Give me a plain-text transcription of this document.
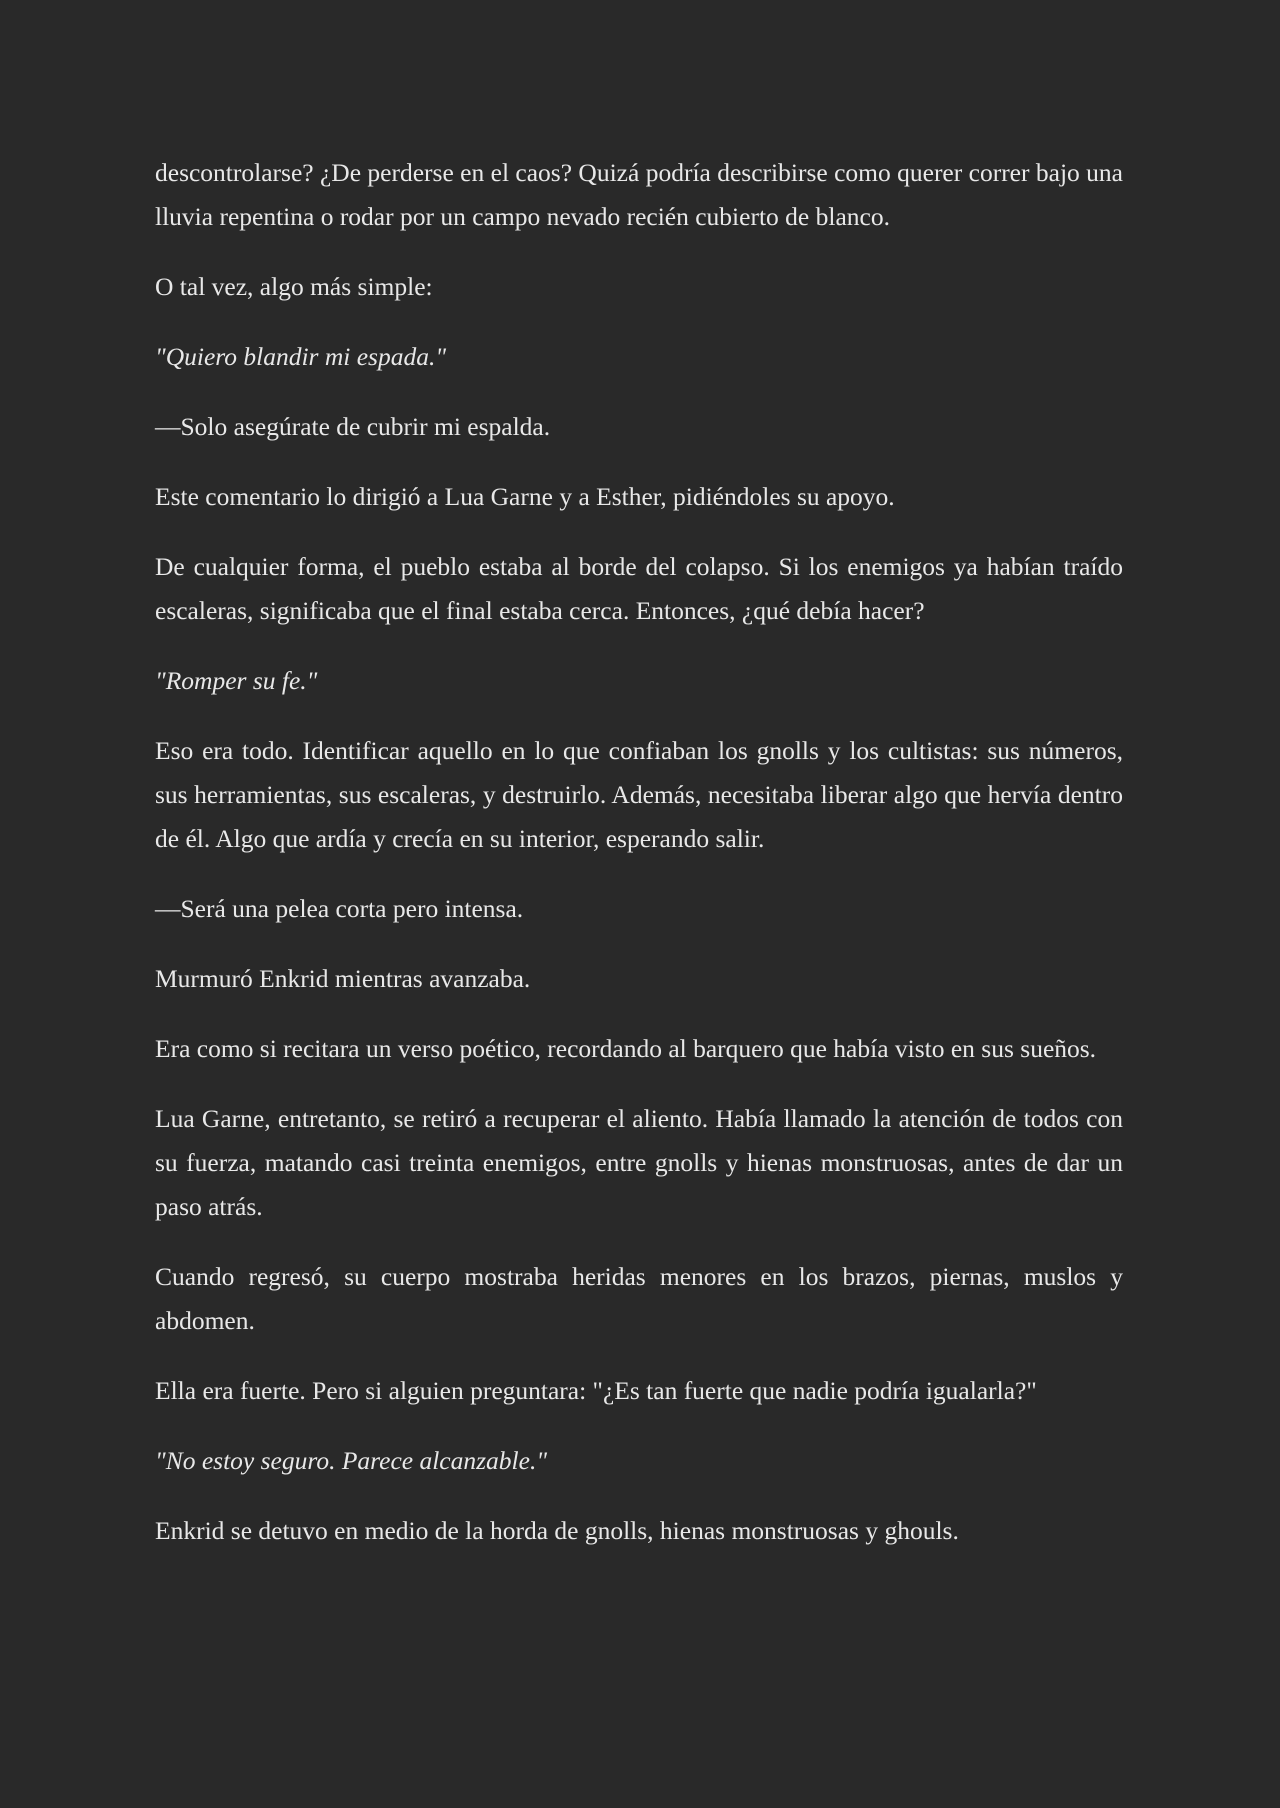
descontrolarse? ¿De perderse en el caos? Quizá podría describirse como querer correr bajo una lluvia repentina o rodar por un campo nevado recién cubierto de blanco.

O tal vez, algo más simple:

"Quiero blandir mi espada."

—Solo asegúrate de cubrir mi espalda.

Este comentario lo dirigió a Lua Garne y a Esther, pidiéndoles su apoyo.

De cualquier forma, el pueblo estaba al borde del colapso. Si los enemigos ya habían traído escaleras, significaba que el final estaba cerca. Entonces, ¿qué debía hacer?

"Romper su fe."

Eso era todo. Identificar aquello en lo que confiaban los gnolls y los cultistas: sus números, sus herramientas, sus escaleras, y destruirlo. Además, necesitaba liberar algo que hervía dentro de él. Algo que ardía y crecía en su interior, esperando salir.

—Será una pelea corta pero intensa.

Murmuró Enkrid mientras avanzaba.

Era como si recitara un verso poético, recordando al barquero que había visto en sus sueños.

Lua Garne, entretanto, se retiró a recuperar el aliento. Había llamado la atención de todos con su fuerza, matando casi treinta enemigos, entre gnolls y hienas monstruosas, antes de dar un paso atrás.

Cuando regresó, su cuerpo mostraba heridas menores en los brazos, piernas, muslos y abdomen.

Ella era fuerte. Pero si alguien preguntara: "¿Es tan fuerte que nadie podría igualarla?"

"No estoy seguro. Parece alcanzable."

Enkrid se detuvo en medio de la horda de gnolls, hienas monstruosas y ghouls.
